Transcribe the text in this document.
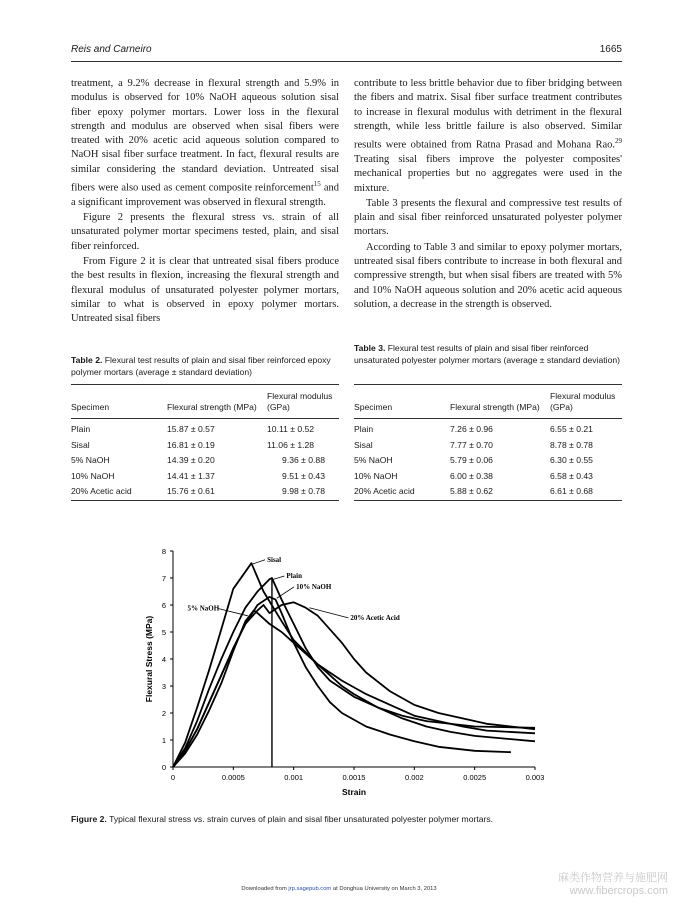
Reis and Carneiro	1665

treatment, a 9.2% decrease in flexural strength and 5.9% in modulus is observed for 10% NaOH aqueous solution sisal fiber epoxy polymer mortars. Lower loss in the flexural strength and modulus are observed when sisal fibers were treated with 20% acetic acid aqueous solution compared to NaOH sisal fiber surface treatment. In fact, flexural results are similar considering the standard deviation. Untreated sisal fibers were also used as cement composite reinforcement$^{15}$ and a significant improvement was observed in flexural strength.

Figure 2 presents the flexural stress vs. strain of all unsaturated polymer mortar specimens tested, plain, and sisal fiber reinforced.

From Figure 2 it is clear that untreated sisal fibers produce the best results in flexion, increasing the flexural strength and flexural modulus of unsaturated polyester polymer mortars, similar to what is observed in epoxy polymer mortars. Untreated sisal fibers

contribute to less brittle behavior due to fiber bridging between the fibers and matrix. Sisal fiber surface treatment contributes to increase in flexural modulus with detriment in the flexural strength, while less brittle failure is also observed. Similar results were obtained from Ratna Prasad and Mohana Rao.$^{29}$ Treating sisal fibers improve the polyester composites' mechanical properties but no aggregates were used in the mixture.

Table 3 presents the flexural and compressive test results of plain and sisal fiber reinforced unsaturated polyester polymer mortars.

According to Table 3 and similar to epoxy polymer mortars, untreated sisal fibers contribute to increase in both flexural and compressive strength, but when sisal fibers are treated with 5% and 10% NaOH aqueous solution and 20% acetic acid aqueous solution, a decrease in the strength is observed.

Table 2. Flexural test results of plain and sisal fiber reinforced epoxy polymer mortars (average ± standard deviation)
Specimen	Flexural strength (MPa)	Flexural modulus (GPa)
Plain	15.87 ± 0.57	10.11 ± 0.52
Sisal	16.81 ± 0.19	11.06 ± 1.28
5% NaOH	14.39 ± 0.20	9.36 ± 0.88
10% NaOH	14.41 ± 1.37	9.51 ± 0.43
20% Acetic acid	15.76 ± 0.61	9.98 ± 0.78
Table 3. Flexural test results of plain and sisal fiber reinforced unsaturated polyester polymer mortars (average ± standard deviation)
Specimen	Flexural strength (MPa)	Flexural modulus (GPa)
Plain	7.26 ± 0.96	6.55 ± 0.21
Sisal	7.77 ± 0.70	8.78 ± 0.78
5% NaOH	5.79 ± 0.06	6.30 ± 0.55
10% NaOH	6.00 ± 0.38	6.58 ± 0.43
20% Acetic acid	5.88 ± 0.62	6.61 ± 0.68
0	0.0005	0.001	0.0015	0.002	0.0025	0.003
0
1
2
3
4
5
6
7
8
Strain
Flexural Stress (MPa)
Sisal
Plain
10% NaOH
5% NaOH
20% Acetic Acid
Figure 2. Typical flexural stress vs. strain curves of plain and sisal fiber unsaturated polyester polymer mortars.
Downloaded from jrp.sagepub.com at Donghua University on March 3, 2013
麻类作物营养与施肥网
www.fibercrops.com
